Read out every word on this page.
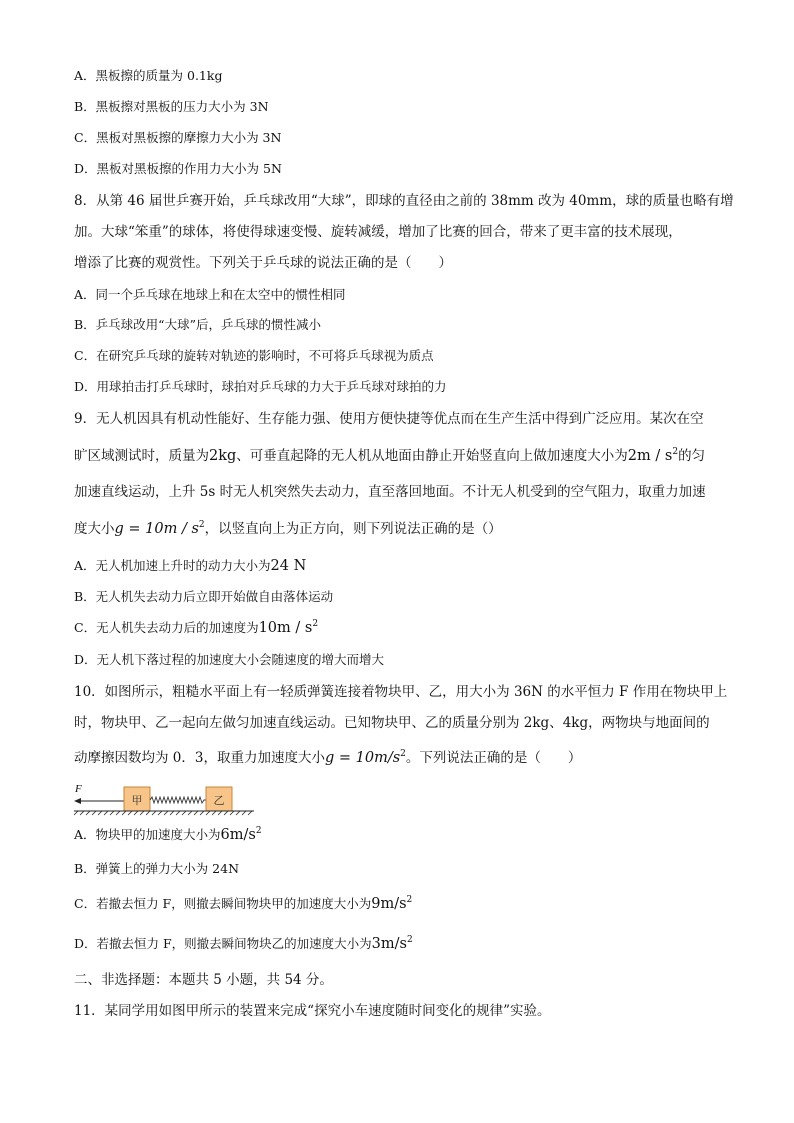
A．黑板擦的质量为 0.1kg
B．黑板擦对黑板的压力大小为 3N
C．黑板对黑板擦的摩擦力大小为 3N
D．黑板对黑板擦的作用力大小为 5N
8．从第 46 届世乒赛开始，乒乓球改用“大球”，即球的直径由之前的 38mm 改为 40mm，球的质量也略有增
加。大球“笨重”的球体，将使得球速变慢、旋转减缓，增加了比赛的回合，带来了更丰富的技术展现，
增添了比赛的观赏性。下列关于乒乓球的说法正确的是（　　）
A．同一个乒乓球在地球上和在太空中的惯性相同
B．乒乓球改用“大球”后，乒乓球的惯性减小
C．在研究乒乓球的旋转对轨迹的影响时，不可将乒乓球视为质点
D．用球拍击打乒乓球时，球拍对乒乓球的力大于乒乓球对球拍的力
9．无人机因具有机动性能好、生存能力强、使用方便快捷等优点而在生产生活中得到广泛应用。某次在空
旷区域测试时，质量为2kg、可垂直起降的无人机从地面由静止开始竖直向上做加速度大小为$2m / s^2$的匀
加速直线运动，上升 5s 时无人机突然失去动力，直至落回地面。不计无人机受到的空气阻力，取重力加速
度大小$g = 10m / s^2$，以竖直向上为正方向，则下列说法正确的是（）
A．无人机加速上升时的动力大小为24 N
B．无人机失去动力后立即开始做自由落体运动
C．无人机失去动力后的加速度为$10m / s^2$
D．无人机下落过程的加速度大小会随速度的增大而增大
10．如图所示，粗糙水平面上有一轻质弹簧连接着物块甲、乙，用大小为 36N 的水平恒力 F 作用在物块甲上
时，物块甲、乙一起向左做匀加速直线运动。已知物块甲、乙的质量分别为 2kg、4kg，两物块与地面间的
动摩擦因数均为 0．3，取重力加速度大小$g = 10m/s^2$。下列说法正确的是（　　）
F
甲	乙
A．物块甲的加速度大小为$6m/s^2$
B．弹簧上的弹力大小为 24N
C．若撤去恒力 F，则撤去瞬间物块甲的加速度大小为$9m/s^2$
D．若撤去恒力 F，则撤去瞬间物块乙的加速度大小为$3m/s^2$
二、非选择题：本题共 5 小题，共 54 分。
11．某同学用如图甲所示的装置来完成“探究小车速度随时间变化的规律”实验。
